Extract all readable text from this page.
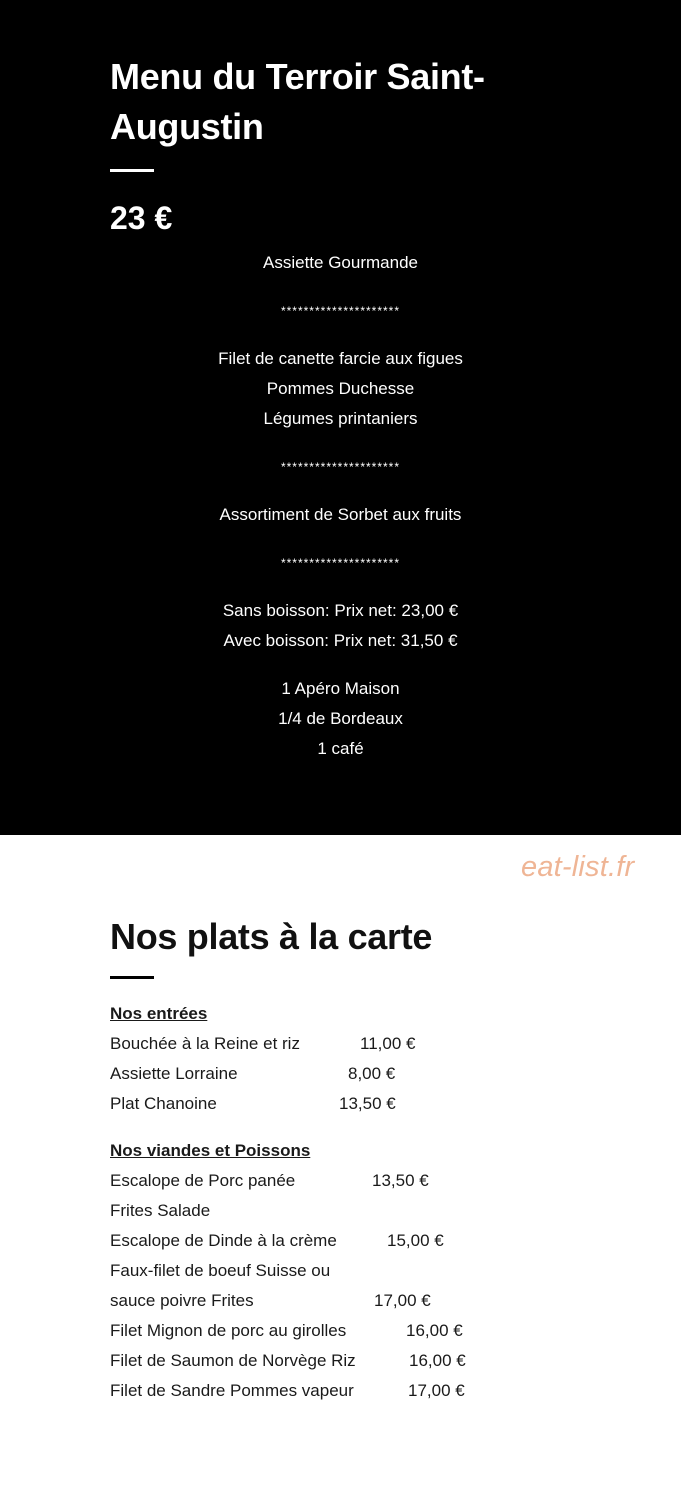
Menu du Terroir Saint-Augustin
23 €
Assiette Gourmande
*********************
Filet de canette farcie aux figues
Pommes Duchesse
Légumes printaniers
*********************
Assortiment de Sorbet aux fruits
*********************
Sans boisson: Prix net: 23,00 €
Avec boisson: Prix net: 31,50 €
1 Apéro Maison
1/4 de Bordeaux
1 café
eat-list.fr
Nos plats à la carte
Nos entrées
Bouchée à la Reine et riz	11,00 €
Assiette Lorraine	8,00 €
Plat Chanoine	13,50 €
Nos viandes et Poissons
Escalope de Porc panée	13,50 €
Frites Salade
Escalope de Dinde à la crème	15,00 €
Faux-filet de boeuf Suisse ou
sauce poivre Frites	17,00 €
Filet Mignon de porc au girolles	16,00 €
Filet de Saumon de Norvège Riz	16,00 €
Filet de Sandre Pommes vapeur	17,00 €
